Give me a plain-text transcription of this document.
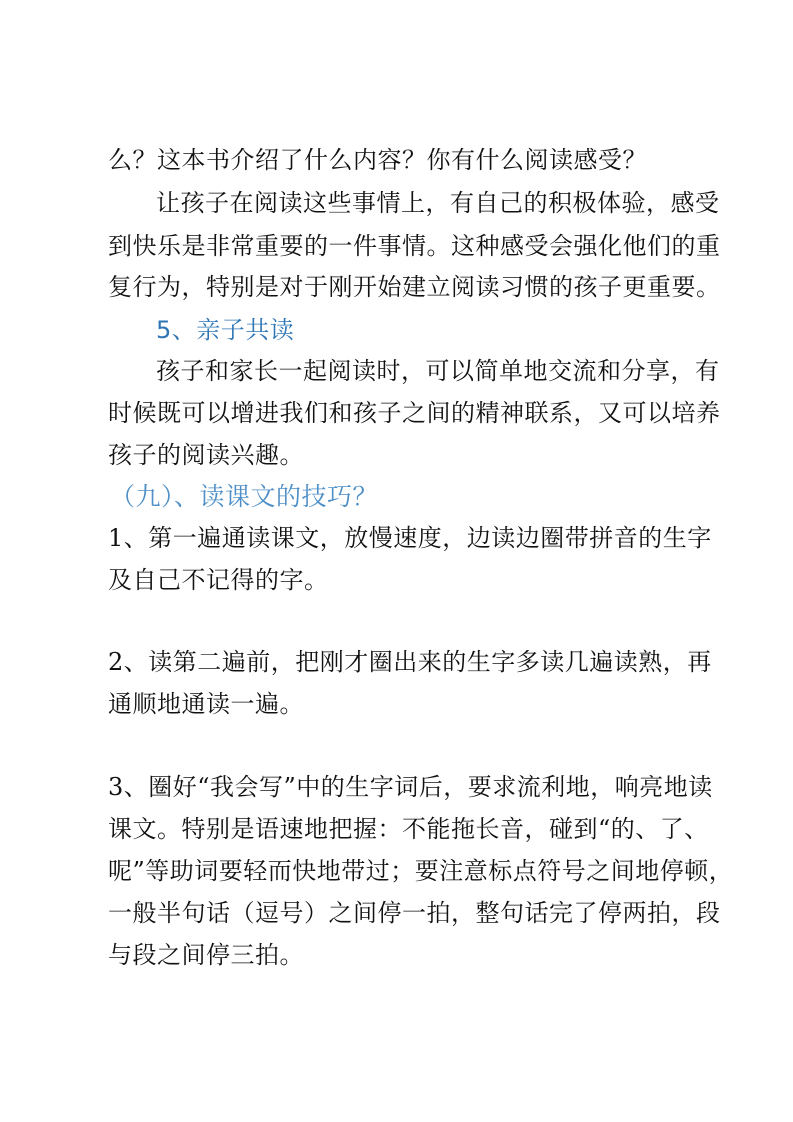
么？这本书介绍了什么内容？你有什么阅读感受？
让孩子在阅读这些事情上，有自己的积极体验，感受
到快乐是非常重要的一件事情。这种感受会强化他们的重
复行为，特别是对于刚开始建立阅读习惯的孩子更重要。
5、亲子共读
孩子和家长一起阅读时，可以简单地交流和分享，有
时候既可以增进我们和孩子之间的精神联系，又可以培养
孩子的阅读兴趣。
（九）、读课文的技巧？
1、第一遍通读课文，放慢速度，边读边圈带拼音的生字
及自己不记得的字。
2、读第二遍前，把刚才圈出来的生字多读几遍读熟，再
通顺地通读一遍。
3、圈好“我会写”中的生字词后，要求流利地，响亮地读
课文。特别是语速地把握：不能拖长音，碰到“的、了、
呢”等助词要轻而快地带过；要注意标点符号之间地停顿，
一般半句话（逗号）之间停一拍，整句话完了停两拍，段
与段之间停三拍。
